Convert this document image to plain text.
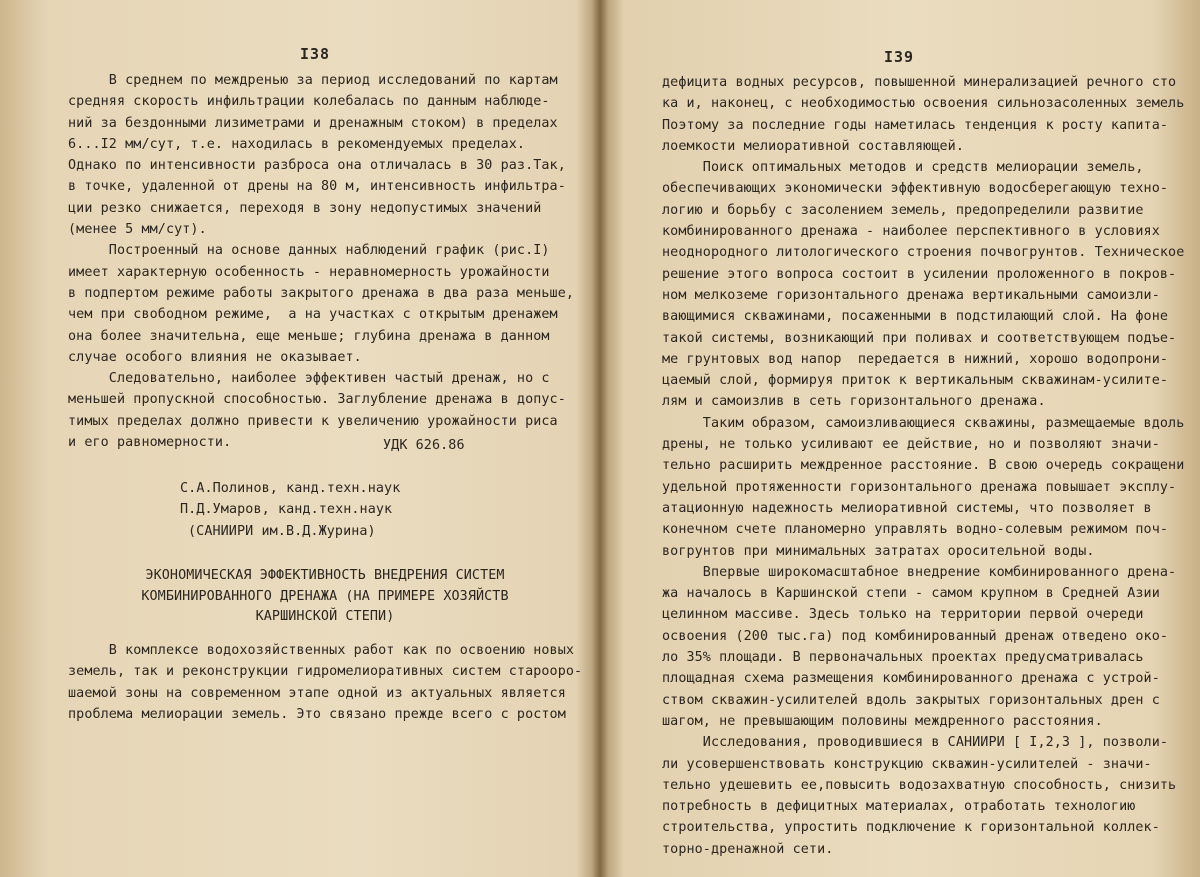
I38
В среднем по междренью за период исследований по картам
средняя скорость инфильтрации колебалась по данным наблюде-
ний за бездонными лизиметрами и дренажным стоком) в пределах
6...I2 мм/сут, т.е. находилась в рекомендуемых пределах.
Однако по интенсивности разброса она отличалась в 30 раз.Так,
в точке, удаленной от дрены на 80 м, интенсивность инфильтра-
ции резко снижается, переходя в зону недопустимых значений
(менее 5 мм/сут).
Построенный на основе данных наблюдений график (рис.I)
имеет характерную особенность - неравномерность урожайности
в подпертом режиме работы закрытого дренажа в два раза меньше,
чем при свободном режиме,  а на участках с открытым дренажем
она более значительна, еще меньше; глубина дренажа в данном
случае особого влияния не оказывает.
Следовательно, наиболее эффективен частый дренаж, но с
меньшей пропускной способностью. Заглубление дренажа в допус-
тимых пределах должно привести к увеличению урожайности риса
и его равномерности.	УДК 626.86
С.А.Полинов, канд.техн.наук
П.Д.Умаров, канд.техн.наук
(САНИИРИ им.В.Д.Журина)
ЭКОНОМИЧЕСКАЯ ЭФФЕКТИВНОСТЬ ВНЕДРЕНИЯ СИСТЕМ
КОМБИНИРОВАННОГО ДРЕНАЖА (НА ПРИМЕРЕ ХОЗЯЙСТВ
КАРШИНСКОЙ СТЕПИ)
В комплексе водохозяйственных работ как по освоению новых
земель, так и реконструкции гидромелиоративных систем староoро-
шаемой зоны на современном этапе одной из актуальных является
проблема мелиорации земель. Это связано прежде всего с ростом
I39
дефицита водных ресурсов, повышенной минерализацией речного сто
ка и, наконец, с необходимостью освоения сильнозасоленных земель
Поэтому за последние годы наметилась тенденция к росту капита-
лоемкости мелиоративной составляющей.
Поиск оптимальных методов и средств мелиорации земель,
обеспечивающих экономически эффективную водосберегающую техно-
логию и борьбу с засолением земель, предопределили развитие
комбинированного дренажа - наиболее перспективного в условиях
неоднородного литологического строения почвогрунтов. Техническое
решение этого вопроса состоит в усилении проложенного в покров-
ном мелкоземе горизонтального дренажа вертикальными самоизли-
вающимися скважинами, посаженными в подстилающий слой. На фоне
такой системы, возникающий при поливах и соответствующем подъе-
ме грунтовых вод напор  передается в нижний, хорошо водопрони-
цаемый слой, формируя приток к вертикальным скважинам-усилите-
лям и самоизлив в сеть горизонтального дренажа.
Таким образом, самоизливающиеся скважины, размещаемые вдоль
дрены, не только усиливают ее действие, но и позволяют значи-
тельно расширить междренное расстояние. В свою очередь сокращени
удельной протяженности горизонтального дренажа повышает эксплу-
атационную надежность мелиоративной системы, что позволяет в
конечном счете планомерно управлять водно-солевым режимом поч-
вогрунтов при минимальных затратах оросительной воды.
Впервые широкомасштабное внедрение комбинированного дрена-
жа началось в Каршинской степи - самом крупном в Средней Азии
целинном массиве. Здесь только на территории первой очереди
освоения (200 тыс.га) под комбинированный дренаж отведено око-
ло 35% площади. В первоначальных проектах предусматривалась
площадная схема размещения комбинированного дренажа с устрой-
ством скважин-усилителей вдоль закрытых горизонтальных дрен с
шагом, не превышающим половины междренного расстояния.
Исследования, проводившиеся в САНИИРИ [ I,2,3 ], позволи-
ли усовершенствовать конструкцию скважин-усилителей - значи-
тельно удешевить ее,повысить водозахватную способность, снизить
потребность в дефицитных материалах, отработать технологию
строительства, упростить подключение к горизонтальной коллек-
торно-дренажной сети.
